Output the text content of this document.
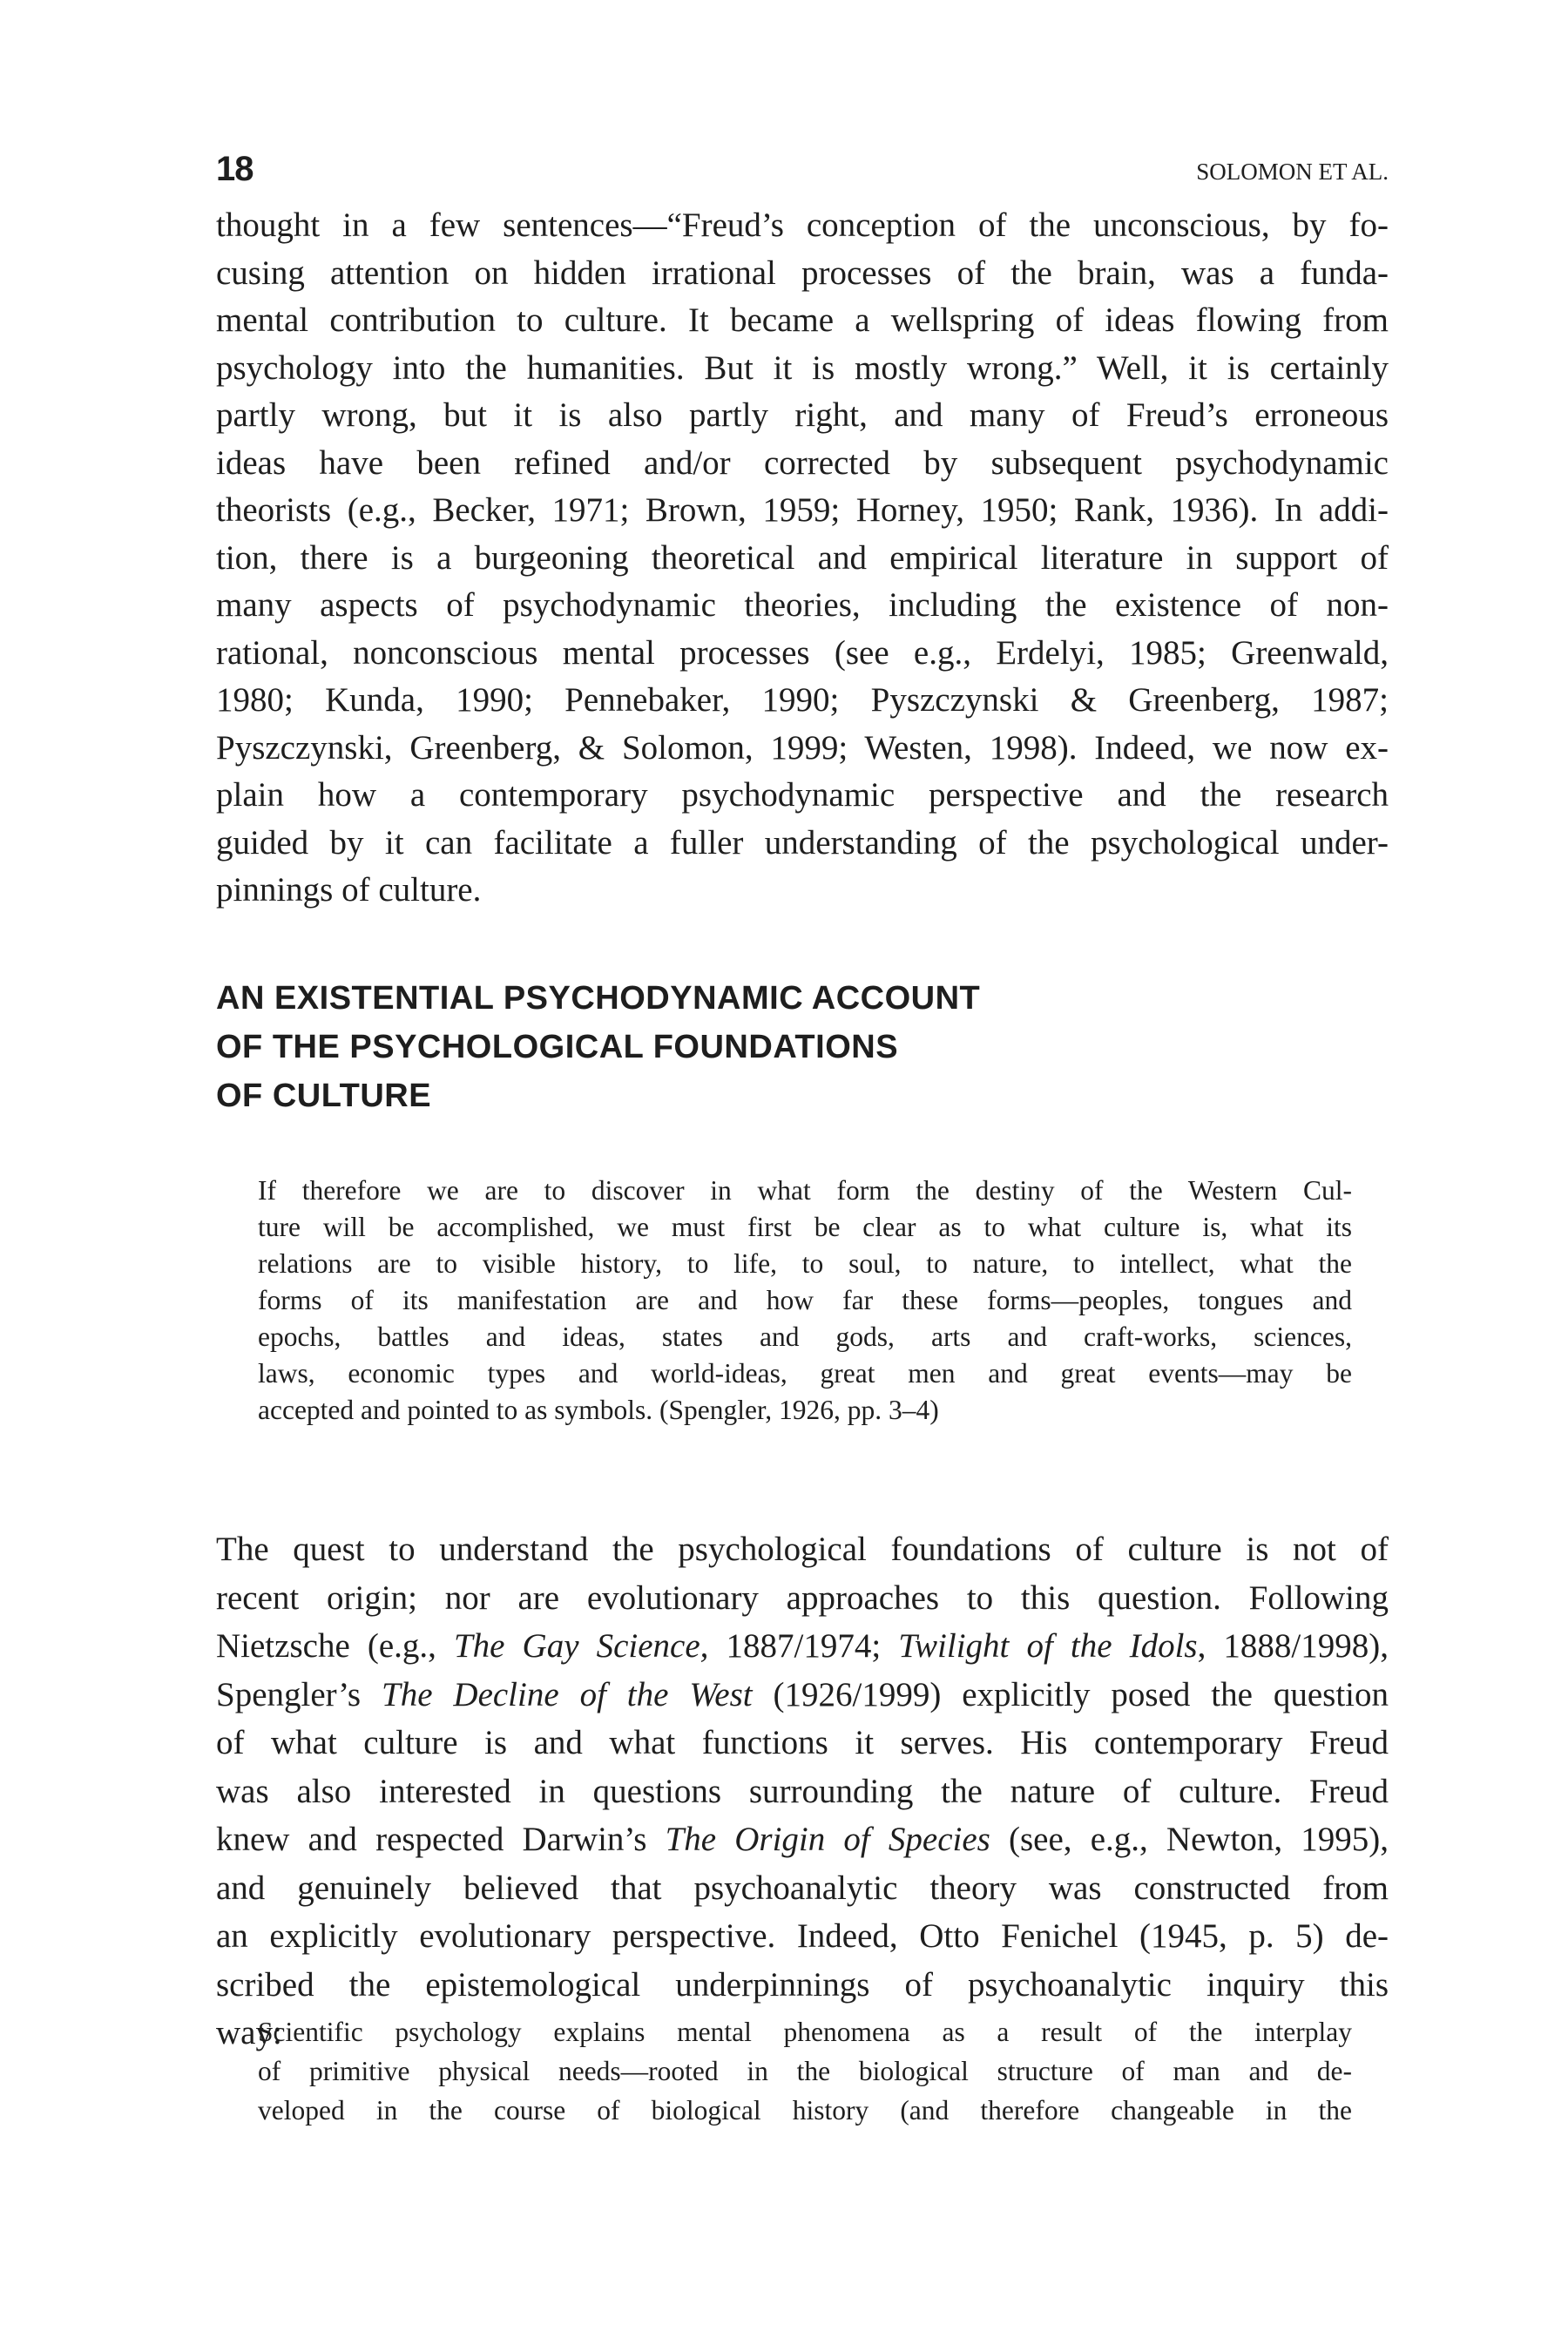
18	SOLOMON ET AL.
thought in a few sentences—“Freud’s conception of the unconscious, by fo-
cusing attention on hidden irrational processes of the brain, was a funda-
mental contribution to culture. It became a wellspring of ideas flowing from
psychology into the humanities. But it is mostly wrong.” Well, it is certainly
partly wrong, but it is also partly right, and many of Freud’s erroneous
ideas have been refined and/or corrected by subsequent psychodynamic
theorists (e.g., Becker, 1971; Brown, 1959; Horney, 1950; Rank, 1936). In addi-
tion, there is a burgeoning theoretical and empirical literature in support of
many aspects of psychodynamic theories, including the existence of non-
rational, nonconscious mental processes (see e.g., Erdelyi, 1985; Greenwald,
1980; Kunda, 1990; Pennebaker, 1990; Pyszczynski & Greenberg, 1987;
Pyszczynski, Greenberg, & Solomon, 1999; Westen, 1998). Indeed, we now ex-
plain how a contemporary psychodynamic perspective and the research
guided by it can facilitate a fuller understanding of the psychological under-
pinnings of culture.
AN EXISTENTIAL PSYCHODYNAMIC ACCOUNT
OF THE PSYCHOLOGICAL FOUNDATIONS
OF CULTURE
If therefore we are to discover in what form the destiny of the Western Cul-
ture will be accomplished, we must first be clear as to what culture is, what its
relations are to visible history, to life, to soul, to nature, to intellect, what the
forms of its manifestation are and how far these forms—peoples, tongues and
epochs, battles and ideas, states and gods, arts and craft-works, sciences,
laws, economic types and world-ideas, great men and great events—may be
accepted and pointed to as symbols. (Spengler, 1926, pp. 3–4)
The quest to understand the psychological foundations of culture is not of
recent origin; nor are evolutionary approaches to this question. Following
Nietzsche (e.g., The Gay Science, 1887/1974; Twilight of the Idols, 1888/1998),
Spengler’s The Decline of the West (1926/1999) explicitly posed the question
of what culture is and what functions it serves. His contemporary Freud
was also interested in questions surrounding the nature of culture. Freud
knew and respected Darwin’s The Origin of Species (see, e.g., Newton, 1995),
and genuinely believed that psychoanalytic theory was constructed from
an explicitly evolutionary perspective. Indeed, Otto Fenichel (1945, p. 5) de-
scribed the epistemological underpinnings of psychoanalytic inquiry this
way:
Scientific psychology explains mental phenomena as a result of the interplay
of primitive physical needs—rooted in the biological structure of man and de-
veloped in the course of biological history (and therefore changeable in the
